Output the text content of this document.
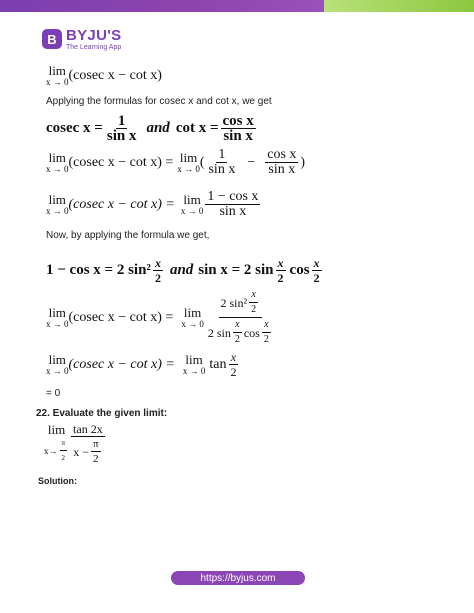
B BYJU'S
The Learning App
lim
x → 0 (cosec x − cot x)
Applying the formulas for cosec x and cot x, we get
cosec $x = \frac{1}{\text{sin x}}$ and $\cot x = \frac{\text{cos x}}{\text{sin x}}$
lim
x → 0 (cosec x − cot x) = lim
x → 0 ( $\frac{1}{\text{sin x}} - \frac{\text{cos x}}{\text{sin x}}$ )
lim
x → 0 (cosec x − cot x) = lim
$x \to 0 \frac{\text{1 − cos x}}{\text{sin x}}$
Now, by applying the formula we get,
1 − cos x = 2 $\sin^2 \frac{x}{2}$ and sin x = 2 $\sin \frac{x}{2}$ $\cos \frac{x}{2}$
lim
x → 0 (cosec x − cot x) = lim
$x \to 0 \frac{2 \sin^2 \frac{x}{2}}{2 \sin \frac{x}{2} \cos \frac{x}{2}}$
lim
x → 0 (cosec x − cot x) = lim
x → 0 $\tan \frac{x}{2}$
= 0
22. Evaluate the given limit:
lim
$x\to \frac{\pi}{2} \frac{\tan 2x}{x - \frac{\pi}{2}}$
Solution:
https://byjus.com
